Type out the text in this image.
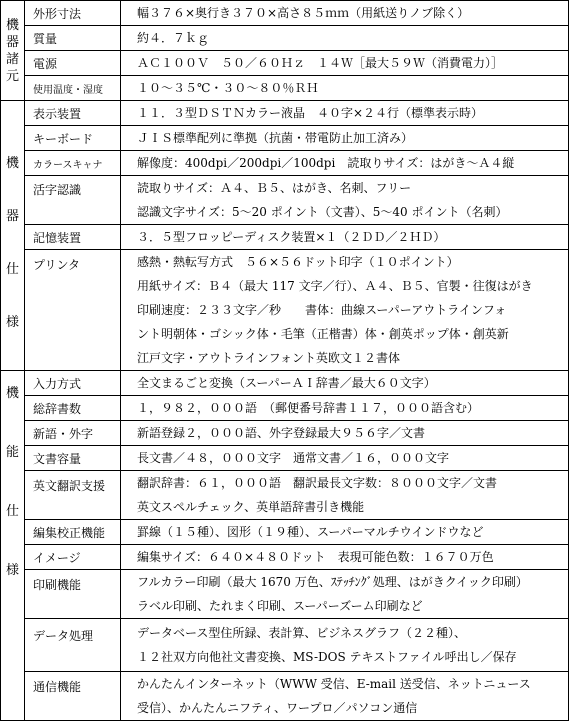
機
器
諸
元	外形寸法	幅３７６×奥行き３７０×高さ８５ｍｍ（用紙送りノブ除く）

	質量	約４．７ｋｇ

	電源	ＡＣ１００Ｖ　５０／６０Ｈｚ　１４Ｗ［最大５９Ｗ（消費電力）］

	使用温度・湿度	１０～３５℃・３０～８０％ＲＨ

機
器
仕
様	表示装置	１１．３型ＤＳＴＮカラー液晶　４０字×２４行（標準表示時）

	キーボード	ＪＩＳ標準配列に準拠（抗菌・帯電防止加工済み）

	カラースキャナ	解像度：400dpi／200dpi／100dpi　読取りサイズ：はがき～Ａ４縦

	活字認識	読取りサイズ：Ａ４、Ｂ５、はがき、名刺、フリー
認識文字サイズ：5～20 ポイント（文書）、5～40 ポイント（名刺）

	記憶装置	３．５型フロッピーディスク装置×１（２ＤＤ／２ＨＤ）

	プリンタ	感熱・熱転写方式　５６×５６ドット印字（１０ポイント）
用紙サイズ：Ｂ４（最大 117 文字／行）、Ａ４、Ｂ５、官製・往復はがき
印刷速度：２３３文字／秒　　書体：曲線スーパーアウトラインフォ
ント明朝体・ゴシック体・毛筆（正楷書）体・創英ポップ体・創英新
江戸文字・アウトラインフォント英欧文１２書体

機
能
仕
様	入力方式	全文まるごと変換（スーパーＡＩ辞書／最大６０文字）

	総辞書数	１，９８２，０００語　（郵便番号辞書１１７，０００語含む）

	新語・外字	新語登録２，０００語、外字登録最大９５６字／文書

	文書容量	長文書／４８，０００文字　通常文書／１６，０００文字

	英文翻訳支援	翻訳辞書：６１，０００語　翻訳最長文字数：８０００文字／文書
英文スペルチェック、英単語辞書引き機能

	編集校正機能	罫線（１５種）、図形（１９種）、スーパーマルチウインドウなど

	イメージ	編集サイズ：６４０×４８０ドット　表現可能色数：１６７０万色

	印刷機能	フルカラー印刷（最大 1670 万色、ｽﾃｯﾁﾝｸﾞ処理、はがきクイック印刷）
ラベル印刷、たれまく印刷、スーパーズーム印刷など

	データ処理	データベース型住所録、表計算、ビジネスグラフ（２２種）、
１２社双方向他社文書変換、MS-DOS テキストファイル呼出し／保存

	通信機能	かんたんインターネット（WWW 受信、E-mail 送受信、ネットニュース
受信）、かんたんニフティ、ワープロ／パソコン通信
